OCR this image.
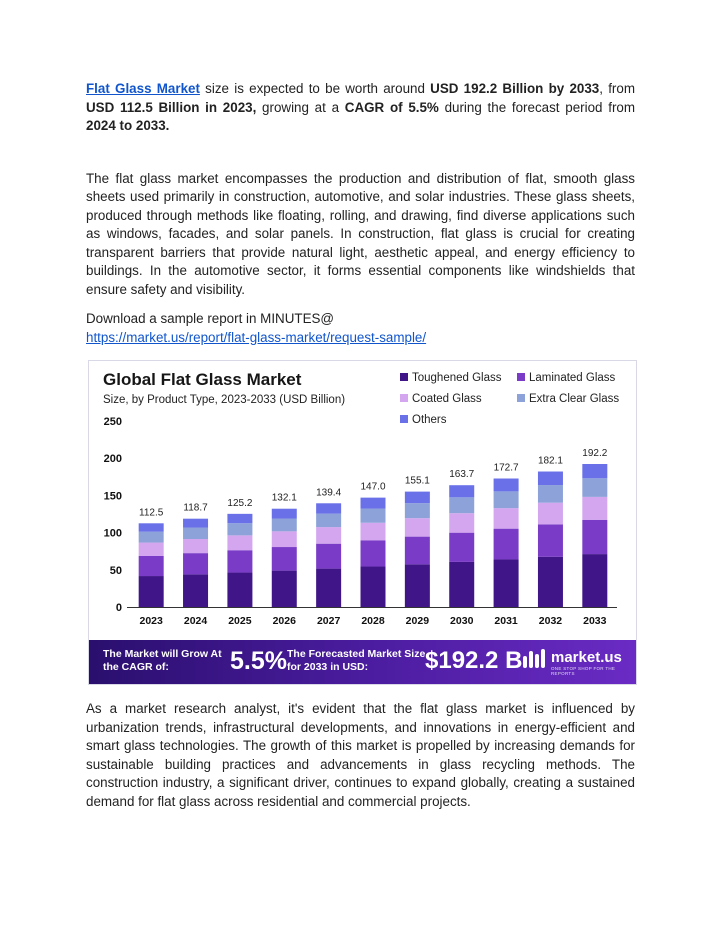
Flat Glass Market size is expected to be worth around USD 192.2 Billion by 2033, from USD 112.5 Billion in 2023, growing at a CAGR of 5.5% during the forecast period from 2024 to 2033.

The flat glass market encompasses the production and distribution of flat, smooth glass sheets used primarily in construction, automotive, and solar industries. These glass sheets, produced through methods like floating, rolling, and drawing, find diverse applications such as windows, facades, and solar panels. In construction, flat glass is crucial for creating transparent barriers that provide natural light, aesthetic appeal, and energy efficiency to buildings. In the automotive sector, it forms essential components like windshields that ensure safety and visibility.

Download a sample report in MINUTES@
https://market.us/report/flat-glass-market/request-sample/

As a market research analyst, it's evident that the flat glass market is influenced by urbanization trends, infrastructural developments, and innovations in energy-efficient and smart glass technologies. The growth of this market is propelled by increasing demands for sustainable building practices and advancements in glass recycling methods. The construction industry, a significant driver, continues to expand globally, creating a sustained demand for flat glass across residential and commercial projects.

Global Flat Glass Market
Size, by Product Type, 2023-2033 (USD Billion)
Toughened Glass	Laminated Glass
Coated Glass	Extra Clear Glass
Others
0
50
100
150
200
250
112.5
2023
118.7
2024
125.2
2025
132.1
2026
139.4
2027
147.0
2028
155.1
2029
163.7
2030
172.7
2031
182.1
2032
192.2
2033
The Market will Grow At the CAGR of:	5.5% The Forecasted Market Size for 2033 in USD:	$192.2 B market.us
ONE STOP SHOP FOR THE REPORTS
